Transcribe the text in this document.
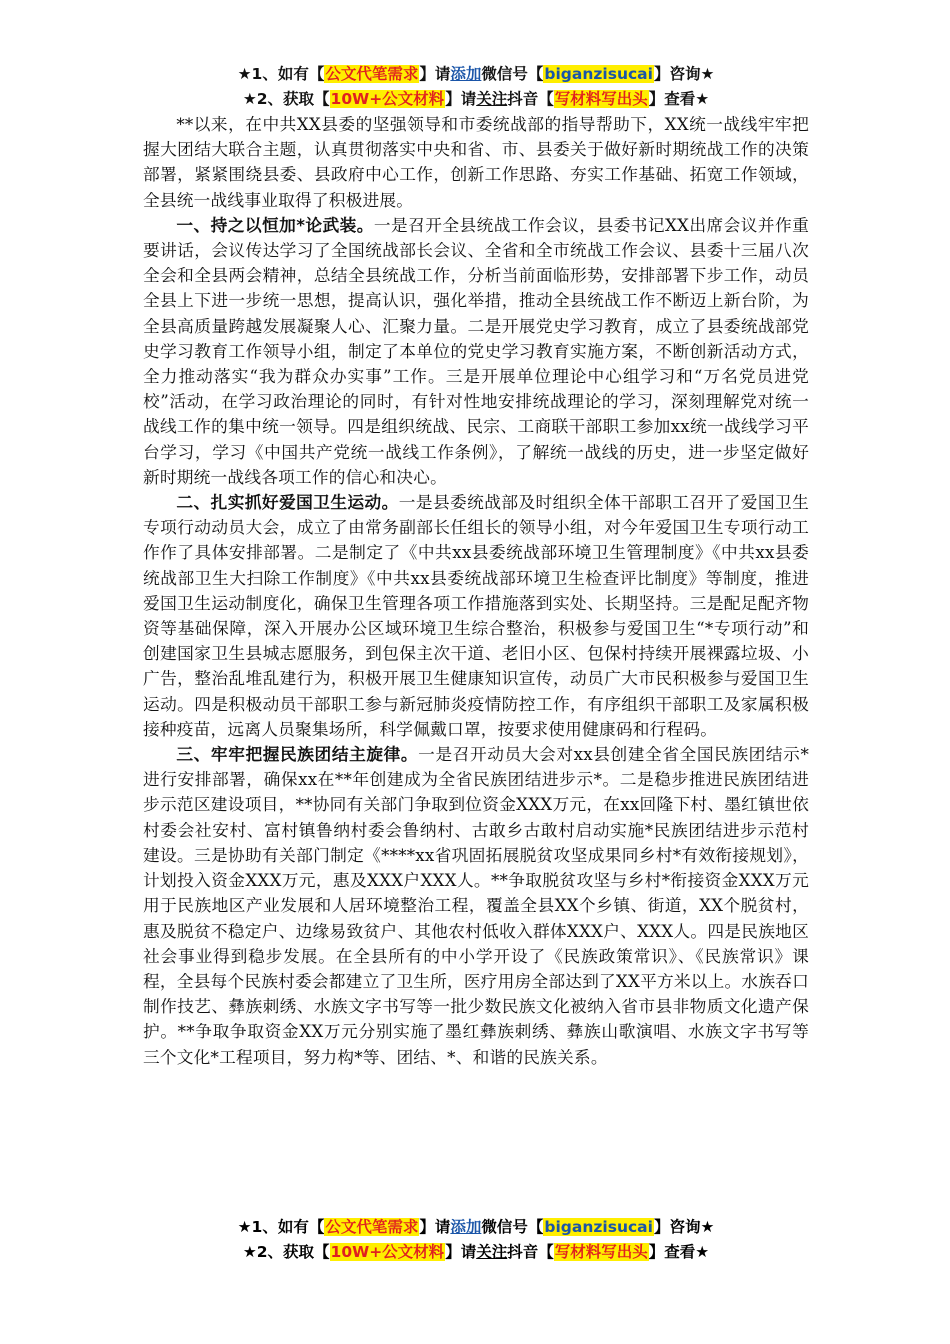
★1、如有【公文代笔需求】请添加微信号【biganzisucai】咨询★
★2、获取【10W+公文材料】请关注抖音【写材料写出头】查看★

**以来，在中共XX县委的坚强领导和市委统战部的指导帮助下，XX统一战线牢牢把握大团结大联合主题，认真贯彻落实中央和省、市、县委关于做好新时期统战工作的决策部署，紧紧围绕县委、县政府中心工作，创新工作思路、夯实工作基础、拓宽工作领域，全县统一战线事业取得了积极进展。

一、持之以恒加*论武装。一是召开全县统战工作会议，县委书记XX出席会议并作重要讲话，会议传达学习了全国统战部长会议、全省和全市统战工作会议、县委十三届八次全会和全县两会精神，总结全县统战工作，分析当前面临形势，安排部署下步工作，动员全县上下进一步统一思想，提高认识，强化举措，推动全县统战工作不断迈上新台阶，为全县高质量跨越发展凝聚人心、汇聚力量。二是开展党史学习教育，成立了县委统战部党史学习教育工作领导小组，制定了本单位的党史学习教育实施方案，不断创新活动方式，全力推动落实“我为群众办实事”工作。三是开展单位理论中心组学习和“万名党员进党校”活动，在学习政治理论的同时，有针对性地安排统战理论的学习，深刻理解党对统一战线工作的集中统一领导。四是组织统战、民宗、工商联干部职工参加xx统一战线学习平台学习，学习《中国共产党统一战线工作条例》，了解统一战线的历史，进一步坚定做好新时期统一战线各项工作的信心和决心。

二、扎实抓好爱国卫生运动。一是县委统战部及时组织全体干部职工召开了爱国卫生专项行动动员大会，成立了由常务副部长任组长的领导小组，对今年爱国卫生专项行动工作作了具体安排部署。二是制定了《中共xx县委统战部环境卫生管理制度》《中共xx县委统战部卫生大扫除工作制度》《中共xx县委统战部环境卫生检查评比制度》等制度，推进爱国卫生运动制度化，确保卫生管理各项工作措施落到实处、长期坚持。三是配足配齐物资等基础保障，深入开展办公区域环境卫生综合整治，积极参与爱国卫生“*专项行动”和创建国家卫生县城志愿服务，到包保主次干道、老旧小区、包保村持续开展裸露垃圾、小广告，整治乱堆乱建行为，积极开展卫生健康知识宣传，动员广大市民积极参与爱国卫生运动。四是积极动员干部职工参与新冠肺炎疫情防控工作，有序组织干部职工及家属积极接种疫苗，远离人员聚集场所，科学佩戴口罩，按要求使用健康码和行程码。

三、牢牢把握民族团结主旋律。一是召开动员大会对xx县创建全省全国民族团结示*进行安排部署，确保xx在**年创建成为全省民族团结进步示*。二是稳步推进民族团结进步示范区建设项目，**协同有关部门争取到位资金XXX万元，在xx回隆下村、墨红镇世依村委会社安村、富村镇鲁纳村委会鲁纳村、古敢乡古敢村启动实施*民族团结进步示范村建设。三是协助有关部门制定《****xx省巩固拓展脱贫攻坚成果同乡村*有效衔接规划》，计划投入资金XXX万元，惠及XXX户XXX人。**争取脱贫攻坚与乡村*衔接资金XXX万元用于民族地区产业发展和人居环境整治工程，覆盖全县XX个乡镇、街道，XX个脱贫村，惠及脱贫不稳定户、边缘易致贫户、其他农村低收入群体XXX户、XXX人。四是民族地区社会事业得到稳步发展。在全县所有的中小学开设了《民族政策常识》、《民族常识》课程，全县每个民族村委会都建立了卫生所，医疗用房全部达到了XX平方米以上。水族吞口制作技艺、彝族刺绣、水族文字书写等一批少数民族文化被纳入省市县非物质文化遗产保护。**争取争取资金XX万元分别实施了墨红彝族刺绣、彝族山歌演唱、水族文字书写等三个文化*工程项目，努力构*等、团结、*、和谐的民族关系。

★1、如有【公文代笔需求】请添加微信号【biganzisucai】咨询★
★2、获取【10W+公文材料】请关注抖音【写材料写出头】查看★
